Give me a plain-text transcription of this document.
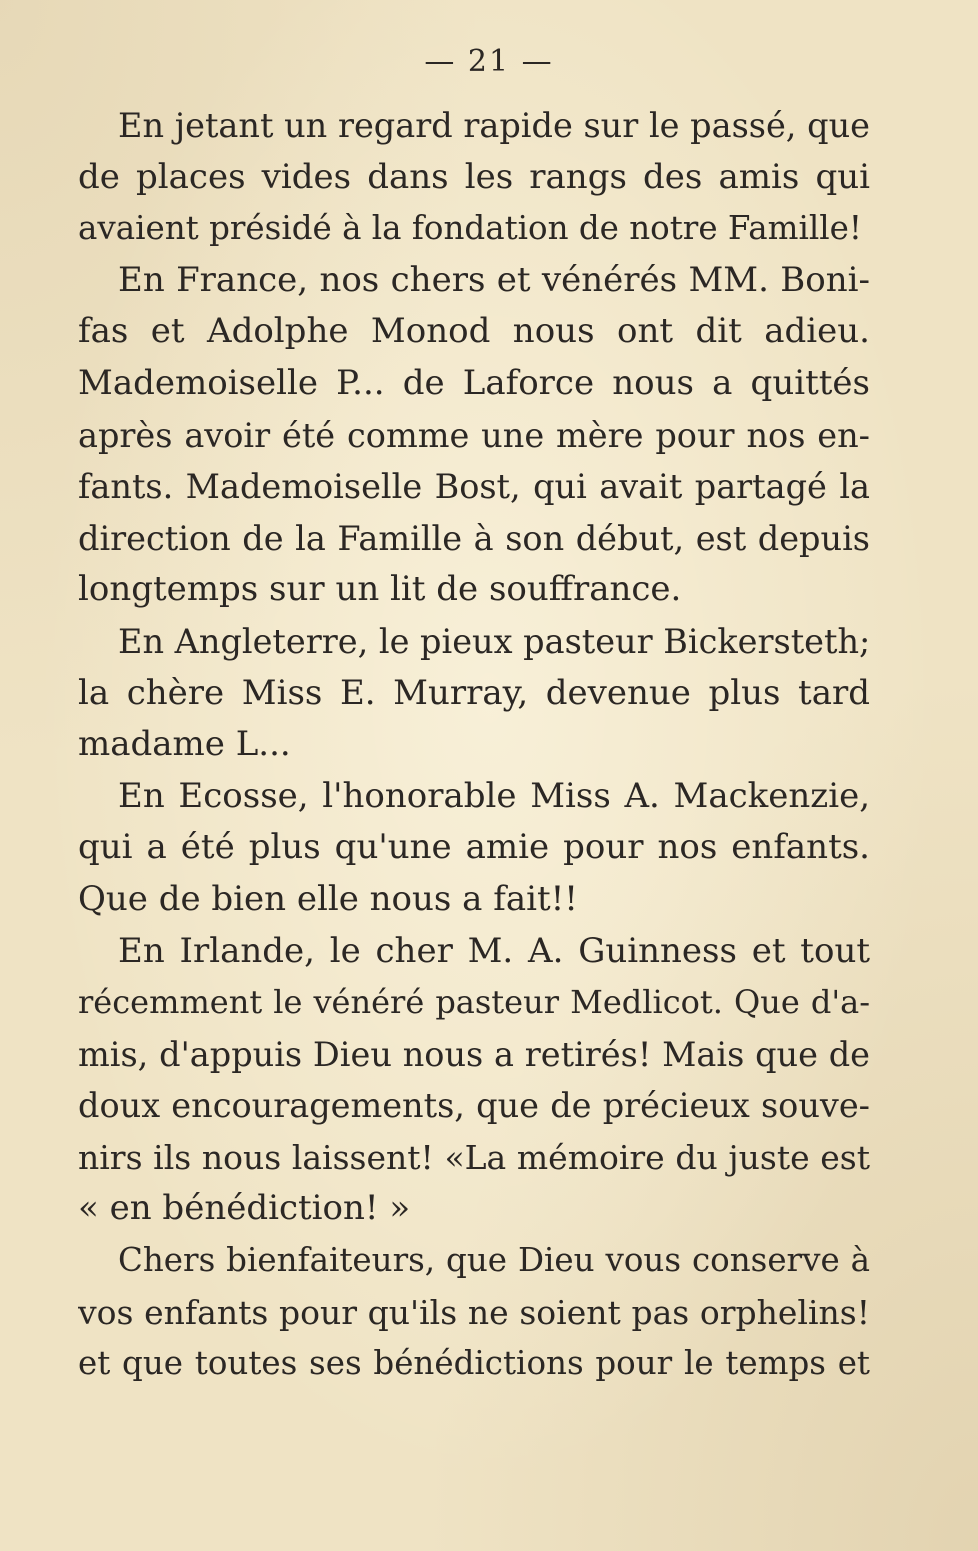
— 21 —
En jetant un regard rapide sur le passé, que
de places vides dans les rangs des amis qui
avaient présidé à la fondation de notre Famille!
En France, nos chers et vénérés MM. Boni-
fas et Adolphe Monod nous ont dit adieu.
Mademoiselle P... de Laforce nous a quittés
après avoir été comme une mère pour nos en-
fants. Mademoiselle Bost, qui avait partagé la
direction de la Famille à son début, est depuis
longtemps sur un lit de souffrance.
En Angleterre, le pieux pasteur Bickersteth;
la chère Miss E. Murray, devenue plus tard
madame L...
En Ecosse, l'honorable Miss A. Mackenzie,
qui a été plus qu'une amie pour nos enfants.
Que de bien elle nous a fait!!
En Irlande, le cher M. A. Guinness et tout
récemment le vénéré pasteur Medlicot. Que d'a-
mis, d'appuis Dieu nous a retirés! Mais que de
doux encouragements, que de précieux souve-
nirs ils nous laissent! «La mémoire du juste est
« en bénédiction! »
Chers bienfaiteurs, que Dieu vous conserve à
vos enfants pour qu'ils ne soient pas orphelins!
et que toutes ses bénédictions pour le temps et
